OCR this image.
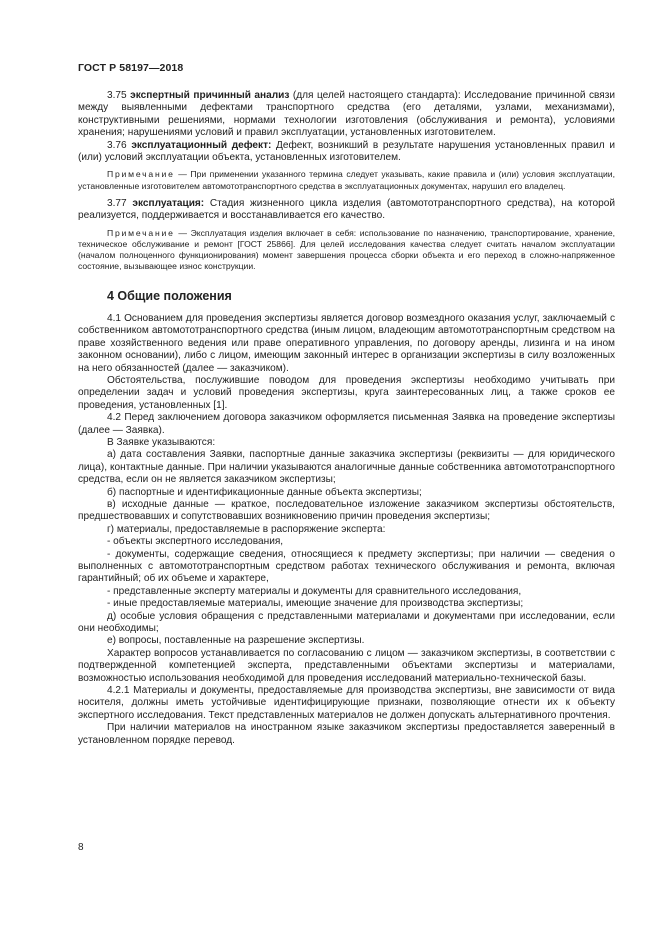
ГОСТ Р 58197—2018

3.75 экспертный причинный анализ (для целей настоящего стандарта): Исследование причинной связи между выявленными дефектами транспортного средства (его деталями, узлами, механизмами), конструктивными решениями, нормами технологии изготовления (обслуживания и ремонта), условиями хранения; нарушениями условий и правил эксплуатации, установленных изготовителем.

3.76 эксплуатационный дефект: Дефект, возникший в результате нарушения установленных правил и (или) условий эксплуатации объекта, установленных изготовителем.

Примечание — При применении указанного термина следует указывать, какие правила и (или) условия эксплуатации, установленные изготовителем автомототранспортного средства в эксплуатационных документах, нарушил его владелец.

3.77 эксплуатация: Стадия жизненного цикла изделия (автомототранспортного средства), на которой реализуется, поддерживается и восстанавливается его качество.

Примечание — Эксплуатация изделия включает в себя: использование по назначению, транспортирование, хранение, техническое обслуживание и ремонт [ГОСТ 25866]. Для целей исследования качества следует считать началом эксплуатации (началом полноценного функционирования) момент завершения процесса сборки объекта и его переход в сложно-напряженное состояние, вызывающее износ конструкции.

4 Общие положения

4.1 Основанием для проведения экспертизы является договор возмездного оказания услуг, заключаемый с собственником автомототранспортного средства (иным лицом, владеющим автомототранспортным средством на праве хозяйственного ведения или праве оперативного управления, по договору аренды, лизинга и на ином законном основании), либо с лицом, имеющим законный интерес в организации экспертизы в силу возложенных на него обязанностей (далее — заказчиком).

Обстоятельства, послужившие поводом для проведения экспертизы необходимо учитывать при определении задач и условий проведения экспертизы, круга заинтересованных лиц, а также сроков ее проведения, установленных [1].

4.2 Перед заключением договора заказчиком оформляется письменная Заявка на проведение экспертизы (далее — Заявка).

В Заявке указываются:

а) дата составления Заявки, паспортные данные заказчика экспертизы (реквизиты — для юридического лица), контактные данные. При наличии указываются аналогичные данные собственника автомототранспортного средства, если он не является заказчиком экспертизы;

б) паспортные и идентификационные данные объекта экспертизы;

в) исходные данные — краткое, последовательное изложение заказчиком экспертизы обстоятельств, предшествовавших и сопутствовавших возникновению причин проведения экспертизы;

г) материалы, предоставляемые в распоряжение эксперта:

- объекты экспертного исследования,

- документы, содержащие сведения, относящиеся к предмету экспертизы; при наличии — сведения о выполненных с автомототранспортным средством работах технического обслуживания и ремонта, включая гарантийный; об их объеме и характере,

- представленные эксперту материалы и документы для сравнительного исследования,

- иные предоставляемые материалы, имеющие значение для производства экспертизы;

д) особые условия обращения с представленными материалами и документами при исследовании, если они необходимы;

е) вопросы, поставленные на разрешение экспертизы.

Характер вопросов устанавливается по согласованию с лицом — заказчиком экспертизы, в соответствии с подтвержденной компетенцией эксперта, представленными объектами экспертизы и материалами, возможностью использования необходимой для проведения исследований материально-технической базы.

4.2.1 Материалы и документы, предоставляемые для производства экспертизы, вне зависимости от вида носителя, должны иметь устойчивые идентифицирующие признаки, позволяющие отнести их к объекту экспертного исследования. Текст представленных материалов не должен допускать альтернативного прочтения.

При наличии материалов на иностранном языке заказчиком экспертизы предоставляется заверенный в установленном порядке перевод.

8
